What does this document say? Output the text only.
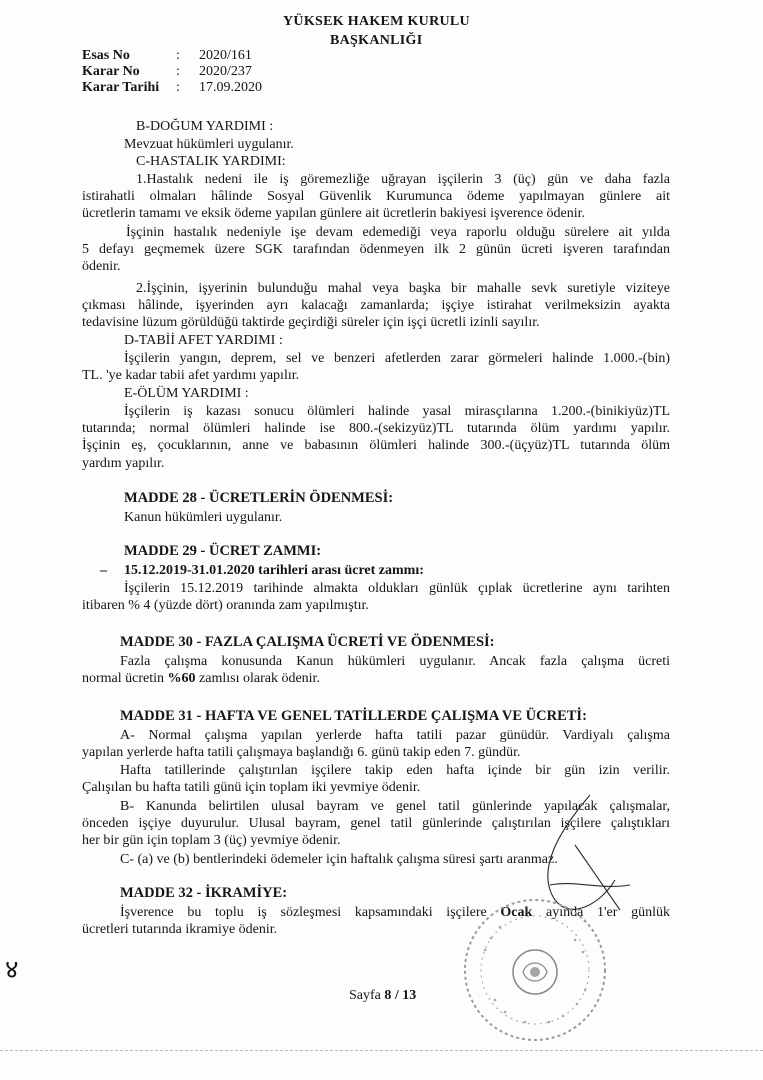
YÜKSEK HAKEM KURULU
BAŞKANLIĞI
Esas No	: 2020/161
Karar No	: 2020/237
Karar Tarihi : 17.09.2020
B-DOĞUM YARDIMI :
Mevzuat hükümleri uygulanır.
C-HASTALIK YARDIMI:
1.Hastalık nedeni ile iş göremezliğe uğrayan işçilerin 3 (üç) gün ve daha fazla
istirahatli olmaları hâlinde Sosyal Güvenlik Kurumunca ödeme yapılmayan günlere ait
ücretlerin tamamı ve eksik ödeme yapılan günlere ait ücretlerin bakiyesi işverence ödenir.
İşçinin hastalık nedeniyle işe devam edemediği veya raporlu olduğu sürelere ait yılda
5 defayı geçmemek üzere SGK tarafından ödenmeyen ilk 2 günün ücreti işveren tarafından
ödenir.
2.İşçinin, işyerinin bulunduğu mahal veya başka bir mahalle sevk suretiyle viziteye
çıkması hâlinde, işyerinden ayrı kalacağı zamanlarda; işçiye istirahat verilmeksizin ayakta
tedavisine lüzum görüldüğü taktirde geçirdiği süreler için işçi ücretli izinli sayılır.
D-TABİİ AFET YARDIMI :
İşçilerin yangın, deprem, sel ve benzeri afetlerden zarar görmeleri halinde 1.000.-(bin)
TL. 'ye kadar tabii afet yardımı yapılır.
E-ÖLÜM YARDIMI :
İşçilerin iş kazası sonucu ölümleri halinde yasal mirasçılarına 1.200.-(binikiyüz)TL
tutarında; normal ölümleri halinde ise 800.-(sekizyüz)TL tutarında ölüm yardımı yapılır.
İşçinin eş, çocuklarının, anne ve babasının ölümleri halinde 300.-(üçyüz)TL tutarında ölüm
yardım yapılır.
MADDE 28 - ÜCRETLERİN ÖDENMESİ:
Kanun hükümleri uygulanır.
MADDE 29 - ÜCRET ZAMMI:
– 15.12.2019-31.01.2020 tarihleri arası ücret zammı:
İşçilerin 15.12.2019 tarihinde almakta oldukları günlük çıplak ücretlerine aynı tarihten
itibaren % 4 (yüzde dört) oranında zam yapılmıştır.
MADDE 30 - FAZLA ÇALIŞMA ÜCRETİ VE ÖDENMESİ:
Fazla çalışma konusunda Kanun hükümleri uygulanır. Ancak fazla çalışma ücreti
normal ücretin %60 zamlısı olarak ödenir.
MADDE 31 - HAFTA VE GENEL TATİLLERDE ÇALIŞMA VE ÜCRETİ:
A- Normal çalışma yapılan yerlerde hafta tatili pazar günüdür. Vardiyalı çalışma
yapılan yerlerde hafta tatili çalışmaya başlandığı 6. günü takip eden 7. gündür.
Hafta tatillerinde çalıştırılan işçilere takip eden hafta içinde bir gün izin verilir.
Çalışılan bu hafta tatili günü için toplam iki yevmiye ödenir.
B- Kanunda belirtilen ulusal bayram ve genel tatil günlerinde yapılacak çalışmalar,
önceden işçiye duyurulur. Ulusal bayram, genel tatil günlerinde çalıştırılan işçilere çalıştıkları
her bir gün için toplam 3 (üç) yevmiye ödenir.
C- (a) ve (b) bentlerindeki ödemeler için haftalık çalışma süresi şartı aranmaz.
MADDE 32 - İKRAMİYE:
İşverence bu toplu iş sözleşmesi kapsamındaki işçilere Ocak ayında 1'er günlük
ücretleri tutarında ikramiye ödenir.
Sayfa 8 / 13
४
